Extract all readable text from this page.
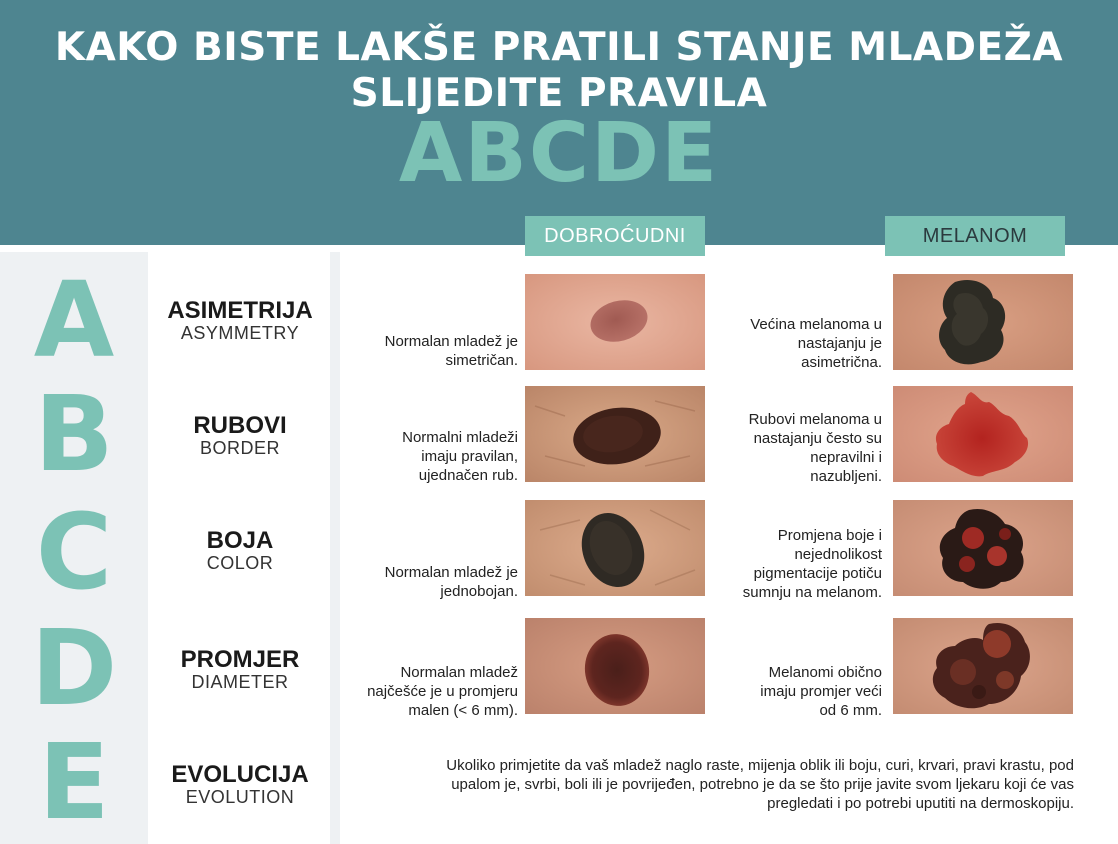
KAKO BISTE LAKŠE PRATILI STANJE MLADEŽA
SLIJEDITE PRAVILA
ABCDE
A
B
C
D
E
DOBROĆUDNI	MELANOM
ASIMETRIJA
ASYMMETRY
RUBOVI
BORDER
BOJA
COLOR
PROMJER
DIAMETER
EVOLUCIJA
EVOLUTION
Normalan mladež je
simetričan.
Normalni mladeži
imaju pravilan,
ujednačen rub.
Normalan mladež je
jednobojan.
Normalan mladež
najčešće je u promjeru
malen (< 6 mm).
Većina melanoma u
nastajanju je
asimetrična.
Rubovi melanoma u
nastajanju često su
nepravilni i
nazubljeni.
Promjena boje i
nejednolikost
pigmentacije potiču
sumnju na melanom.
Melanomi obično
imaju promjer veći
od 6 mm.
Ukoliko primjetite da vaš mladež naglo raste, mijenja oblik ili boju, curi, krvari, pravi krastu, pod
upalom je, svrbi, boli ili je povrijeđen, potrebno je da se što prije javite svom ljekaru koji će vas
pregledati i po potrebi uputiti na dermoskopiju.
